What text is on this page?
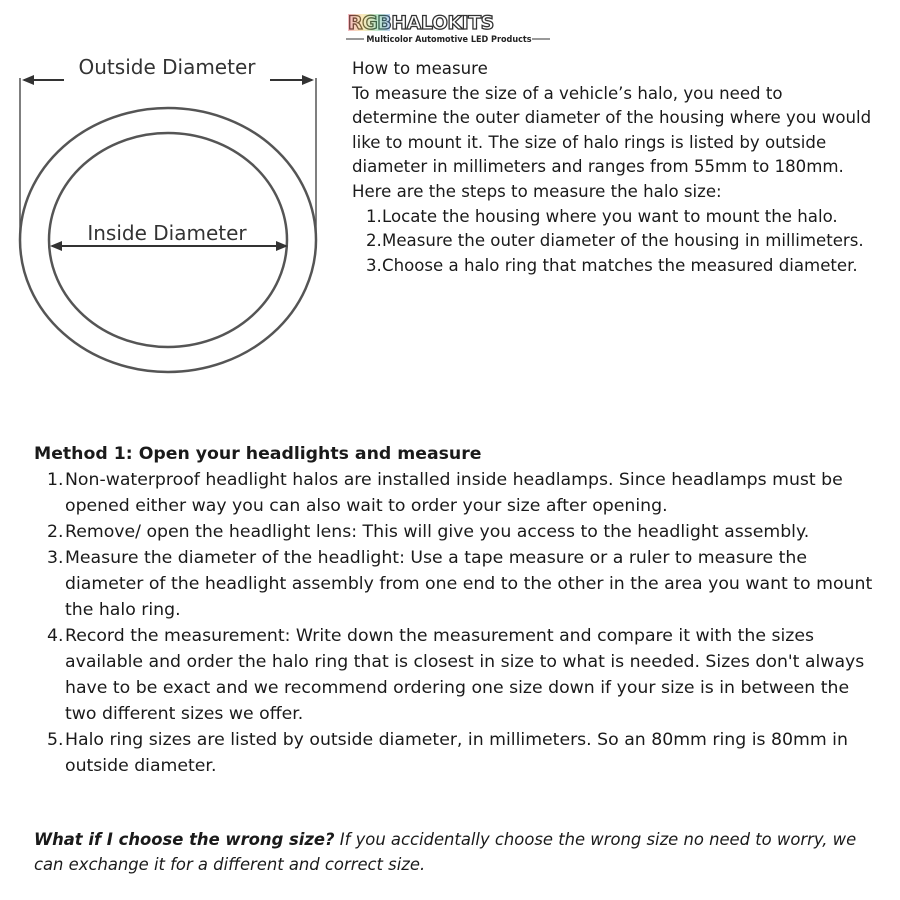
RGBHALOKITS
Multicolor Automotive LED Products
Outside Diameter
Inside Diameter

How to measure

To measure the size of a vehicle’s halo, you need to determine the outer diameter of the housing where you would like to mount it. The size of halo rings is listed by outside diameter in millimeters and ranges from 55mm to 180mm. Here are the steps to measure the halo size:

1. Locate the housing where you want to mount the halo.
2. Measure the outer diameter of the housing in millimeters.
3. Choose a halo ring that matches the measured diameter.
Method 1: Open your headlights and measure
1. Non-waterproof headlight halos are installed inside headlamps. Since headlamps must be opened either way you can also wait to order your size after opening.
2. Remove/ open the headlight lens: This will give you access to the headlight assembly.
3. Measure the diameter of the headlight: Use a tape measure or a ruler to measure the diameter of the headlight assembly from one end to the other in the area you want to mount the halo ring.
4. Record the measurement: Write down the measurement and compare it with the sizes available and order the halo ring that is closest in size to what is needed. Sizes don't always have to be exact and we recommend ordering one size down if your size is in between the two different sizes we offer.
5. Halo ring sizes are listed by outside diameter, in millimeters. So an 80mm ring is 80mm in outside diameter.

What if I choose the wrong size? If you accidentally choose the wrong size no need to worry, we can exchange it for a different and correct size.
